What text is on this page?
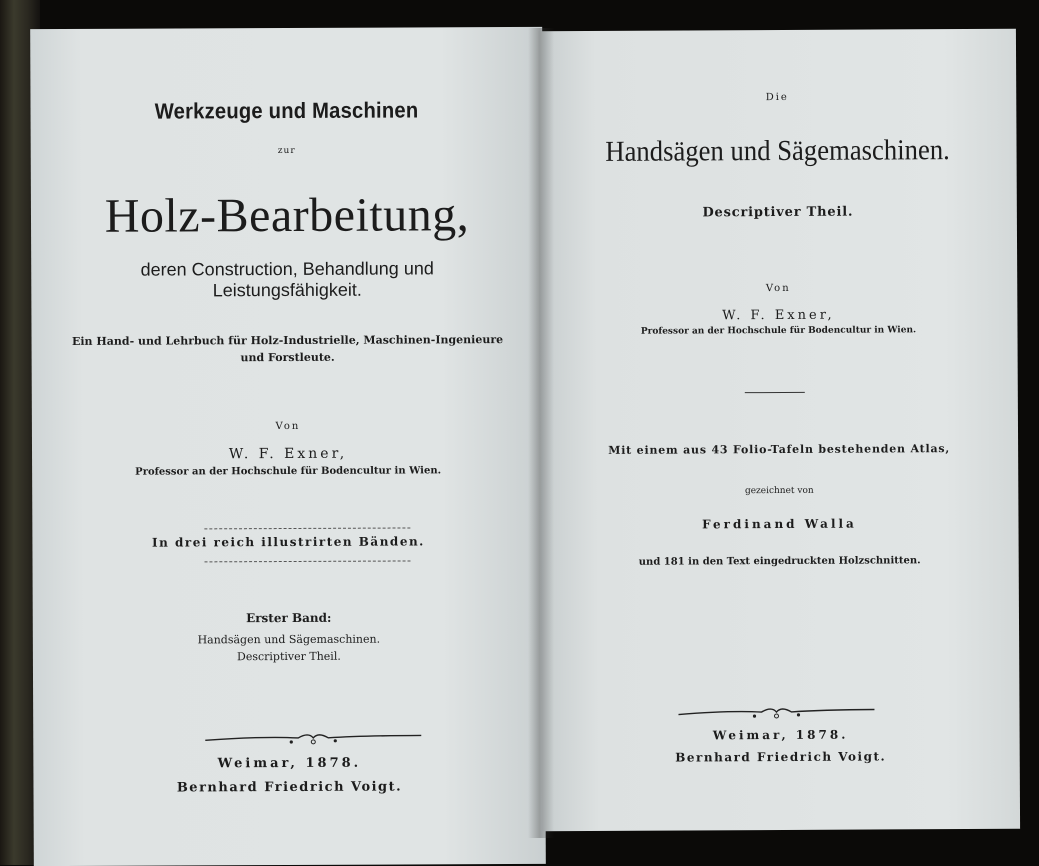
Werkzeuge und Maschinen
zur
Holz-Bearbeitung,
deren Construction, Behandlung und
Leistungsfähigkeit.
Ein Hand- und Lehrbuch für Holz-Industrielle, Maschinen-Ingenieure
und Forstleute.
Von
W. F. Exner,
Professor an der Hochschule für Bodencultur in Wien.
In drei reich illustrirten Bänden.
Erster Band:
Handsägen und Sägemaschinen.
Descriptiver Theil.
Weimar, 1878.
Bernhard Friedrich Voigt.
Die
Handsägen und Sägemaschinen.
Descriptiver Theil.
Von
W. F. Exner,
Professor an der Hochschule für Bodencultur in Wien.
Mit einem aus 43 Folio-Tafeln bestehenden Atlas,
gezeichnet von
Ferdinand Walla
und 181 in den Text eingedruckten Holzschnitten.
Weimar, 1878.
Bernhard Friedrich Voigt.
